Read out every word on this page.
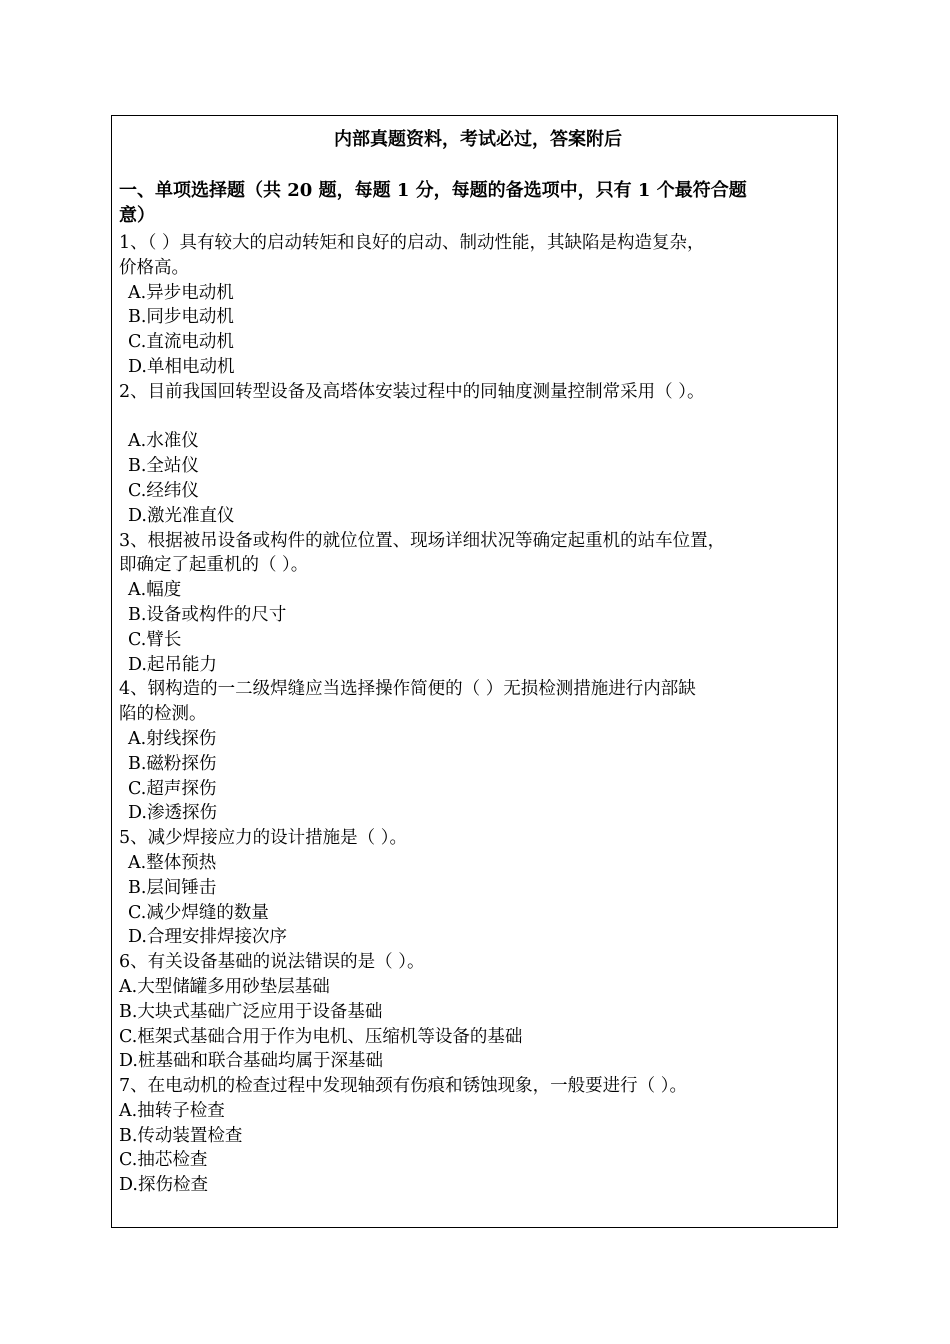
内部真题资料，考试必过，答案附后
一、单项选择题（共 20 题，每题 1 分，每题的备选项中，只有 1 个最符合题
意）
1、（ ）具有较大的启动转矩和良好的启动、制动性能，其缺陷是构造复杂，
价格高。
A.异步电动机
B.同步电动机
C.直流电动机
D.单相电动机
2、目前我国回转型设备及高塔体安装过程中的同轴度测量控制常采用（ ）。
A.水准仪
B.全站仪
C.经纬仪
D.激光准直仪
3、根据被吊设备或构件的就位位置、现场详细状况等确定起重机的站车位置，
即确定了起重机的（ ）。
A.幅度
B.设备或构件的尺寸
C.臂长
D.起吊能力
4、钢构造的一二级焊缝应当选择操作简便的（ ）无损检测措施进行内部缺
陷的检测。
A.射线探伤
B.磁粉探伤
C.超声探伤
D.渗透探伤
5、减少焊接应力的设计措施是（ ）。
A.整体预热
B.层间锤击
C.减少焊缝的数量
D.合理安排焊接次序
6、有关设备基础的说法错误的是（ ）。
A.大型储罐多用砂垫层基础
B.大块式基础广泛应用于设备基础
C.框架式基础合用于作为电机、压缩机等设备的基础
D.桩基础和联合基础均属于深基础
7、在电动机的检查过程中发现轴颈有伤痕和锈蚀现象，一般要进行（ ）。
A.抽转子检查
B.传动装置检查
C.抽芯检查
D.探伤检查
